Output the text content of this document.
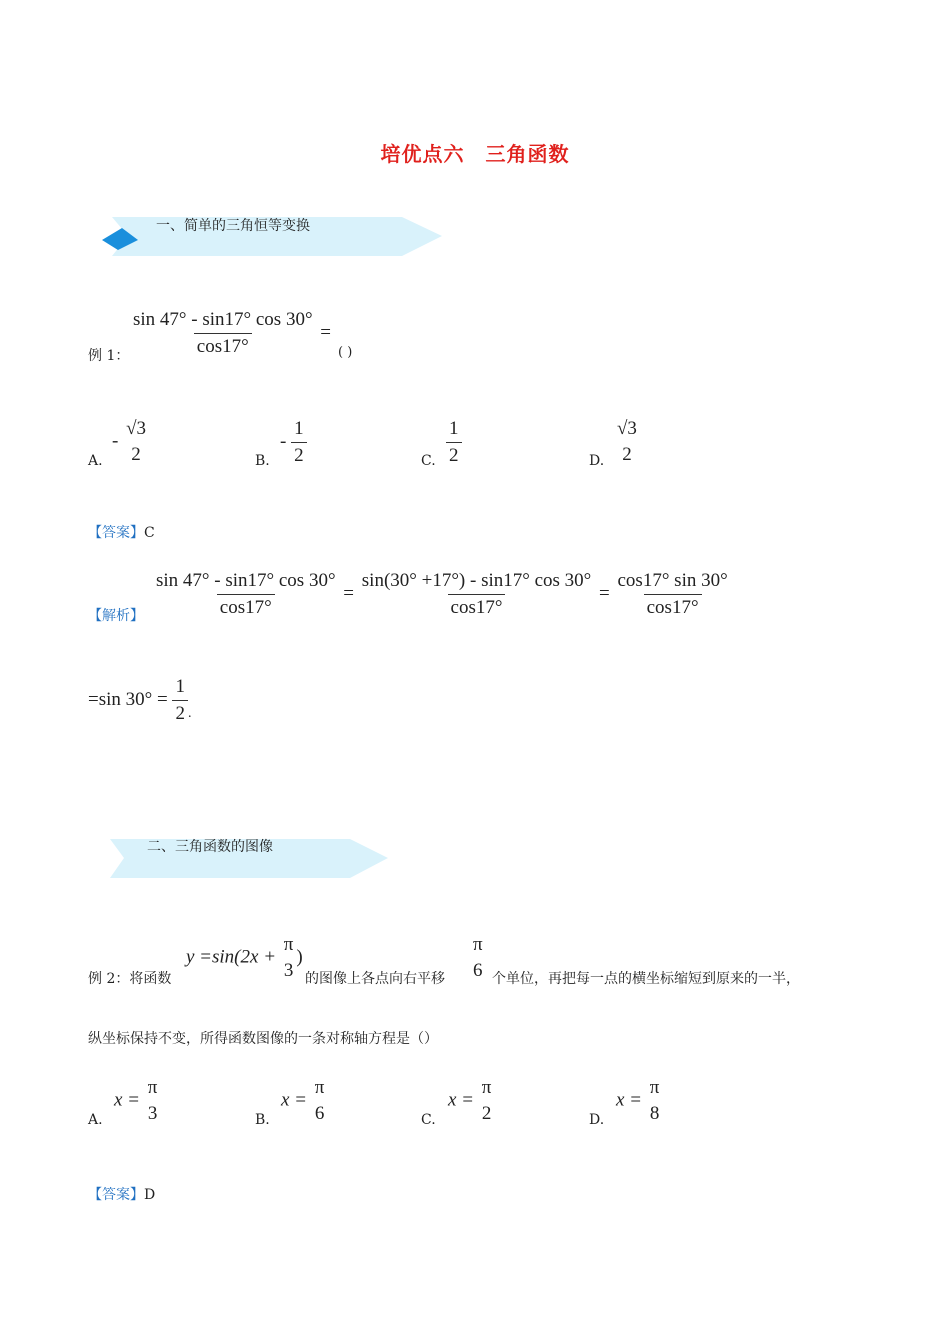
培优点六　三角函数
一、简单的三角恒等变换
例 1： $\frac{\sin 47^\circ - \sin 17^\circ \cos 30^\circ}{\cos 17^\circ}$ =
( )
A.
-
√3
2	B.
- $\frac{1}{2}$	C. $\frac{1}{2}$	D.
√3
2
【答案】C
【解析】 $\frac{\sin 47^\circ - \sin 17^\circ \cos 30^\circ}{\cos 17^\circ} = \frac{\sin(30^\circ +17^\circ) - \sin 17^\circ \cos 30^\circ}{\cos 17^\circ} = \frac{\cos 17^\circ \sin 30^\circ}{\cos 17^\circ}$
=sin $30^\circ = \frac{1}{2} _.$
二、三角函数的图像
例 2：将函数
y =sin(2x +
π
3
)
的图像上各点向右平移
π
6 个单位，再把每一点的横坐标缩短到原来的一半，
纵坐标保持不变，所得函数图像的一条对称轴方程是（）
A.
x =
π
3	B.
x =
π
6	C.
x =
π
2	D.
x =
π
8
【答案】D
